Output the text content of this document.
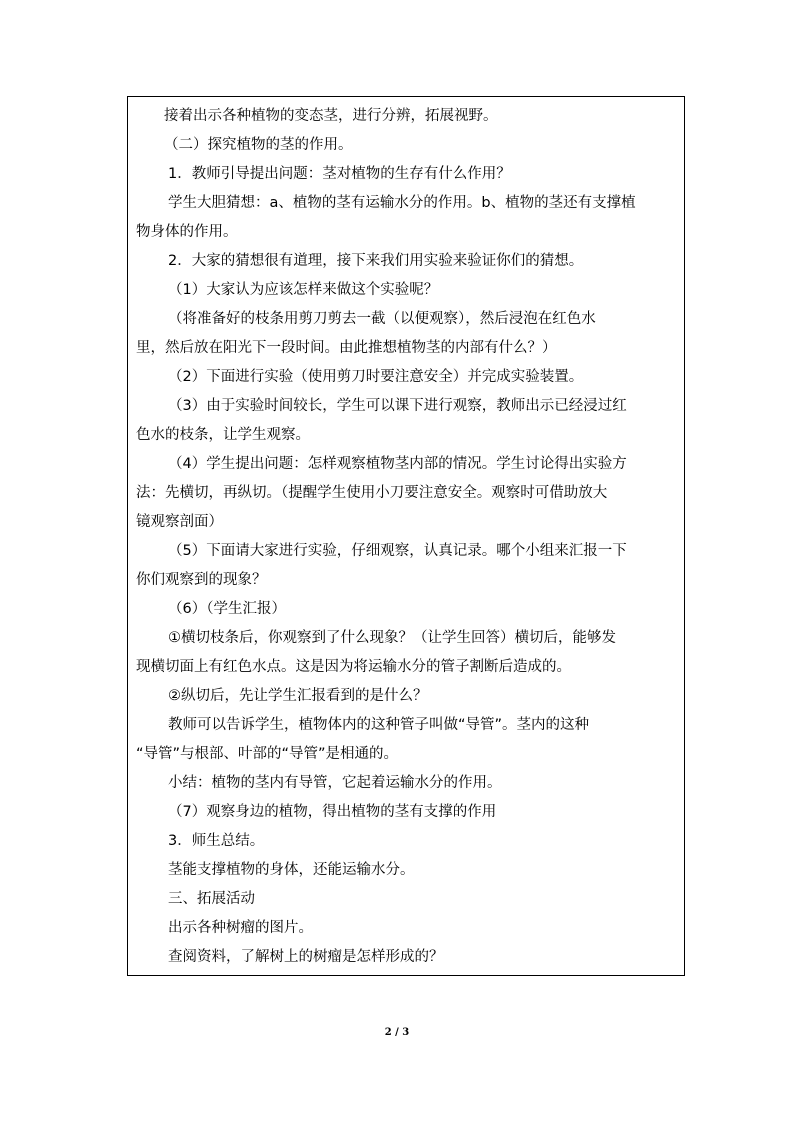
接着出示各种植物的变态茎，进行分辨，拓展视野。
（二）探究植物的茎的作用。
1．教师引导提出问题：茎对植物的生存有什么作用？
学生大胆猜想：a、植物的茎有运输水分的作用。b、植物的茎还有支撑植
物身体的作用。
2．大家的猜想很有道理，接下来我们用实验来验证你们的猜想。
（1）大家认为应该怎样来做这个实验呢？
（将准备好的枝条用剪刀剪去一截（以便观察），然后浸泡在红色水
里，然后放在阳光下一段时间。由此推想植物茎的内部有什么？）
（2）下面进行实验（使用剪刀时要注意安全）并完成实验装置。
（3）由于实验时间较长，学生可以课下进行观察，教师出示已经浸过红
色水的枝条，让学生观察。
（4）学生提出问题：怎样观察植物茎内部的情况。学生讨论得出实验方
法：先横切，再纵切。（提醒学生使用小刀要注意安全。观察时可借助放大
镜观察剖面）
（5）下面请大家进行实验，仔细观察，认真记录。哪个小组来汇报一下
你们观察到的现象？
（6）（学生汇报）
①横切枝条后，你观察到了什么现象？（让学生回答）横切后，能够发
现横切面上有红色水点。这是因为将运输水分的管子割断后造成的。
②纵切后，先让学生汇报看到的是什么？
教师可以告诉学生，植物体内的这种管子叫做“导管”。茎内的这种
“导管”与根部、叶部的“导管”是相通的。
小结：植物的茎内有导管，它起着运输水分的作用。
（7）观察身边的植物，得出植物的茎有支撑的作用
3．师生总结。
茎能支撑植物的身体，还能运输水分。
三、拓展活动
出示各种树瘤的图片。
查阅资料，了解树上的树瘤是怎样形成的？
2 / 3
